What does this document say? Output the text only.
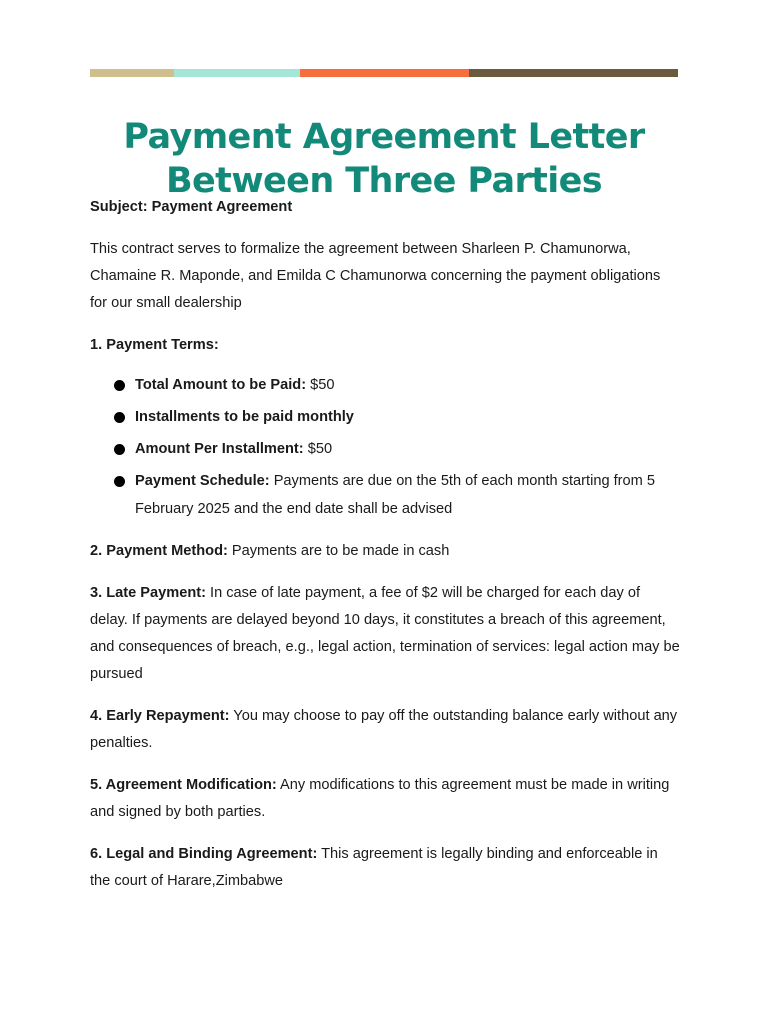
Payment Agreement Letter
Between Three Parties

Subject: Payment Agreement

This contract serves to formalize the agreement between Sharleen P. Chamunorwa, Chamaine R. Maponde, and Emilda C Chamunorwa concerning the payment obligations for our small dealership

1. Payment Terms:

Total Amount to be Paid: $50
Installments to be paid monthly
Amount Per Installment: $50
Payment Schedule: Payments are due on the 5th of each month starting from 5 February 2025 and the end date shall be advised

2. Payment Method: Payments are to be made in cash

3. Late Payment: In case of late payment, a fee of $2 will be charged for each day of delay. If payments are delayed beyond 10 days, it constitutes a breach of this agreement, and consequences of breach, e.g., legal action, termination of services: legal action may be pursued

4. Early Repayment: You may choose to pay off the outstanding balance early without any penalties.

5. Agreement Modification: Any modifications to this agreement must be made in writing and signed by both parties.

6. Legal and Binding Agreement: This agreement is legally binding and enforceable in the court of Harare,Zimbabwe
